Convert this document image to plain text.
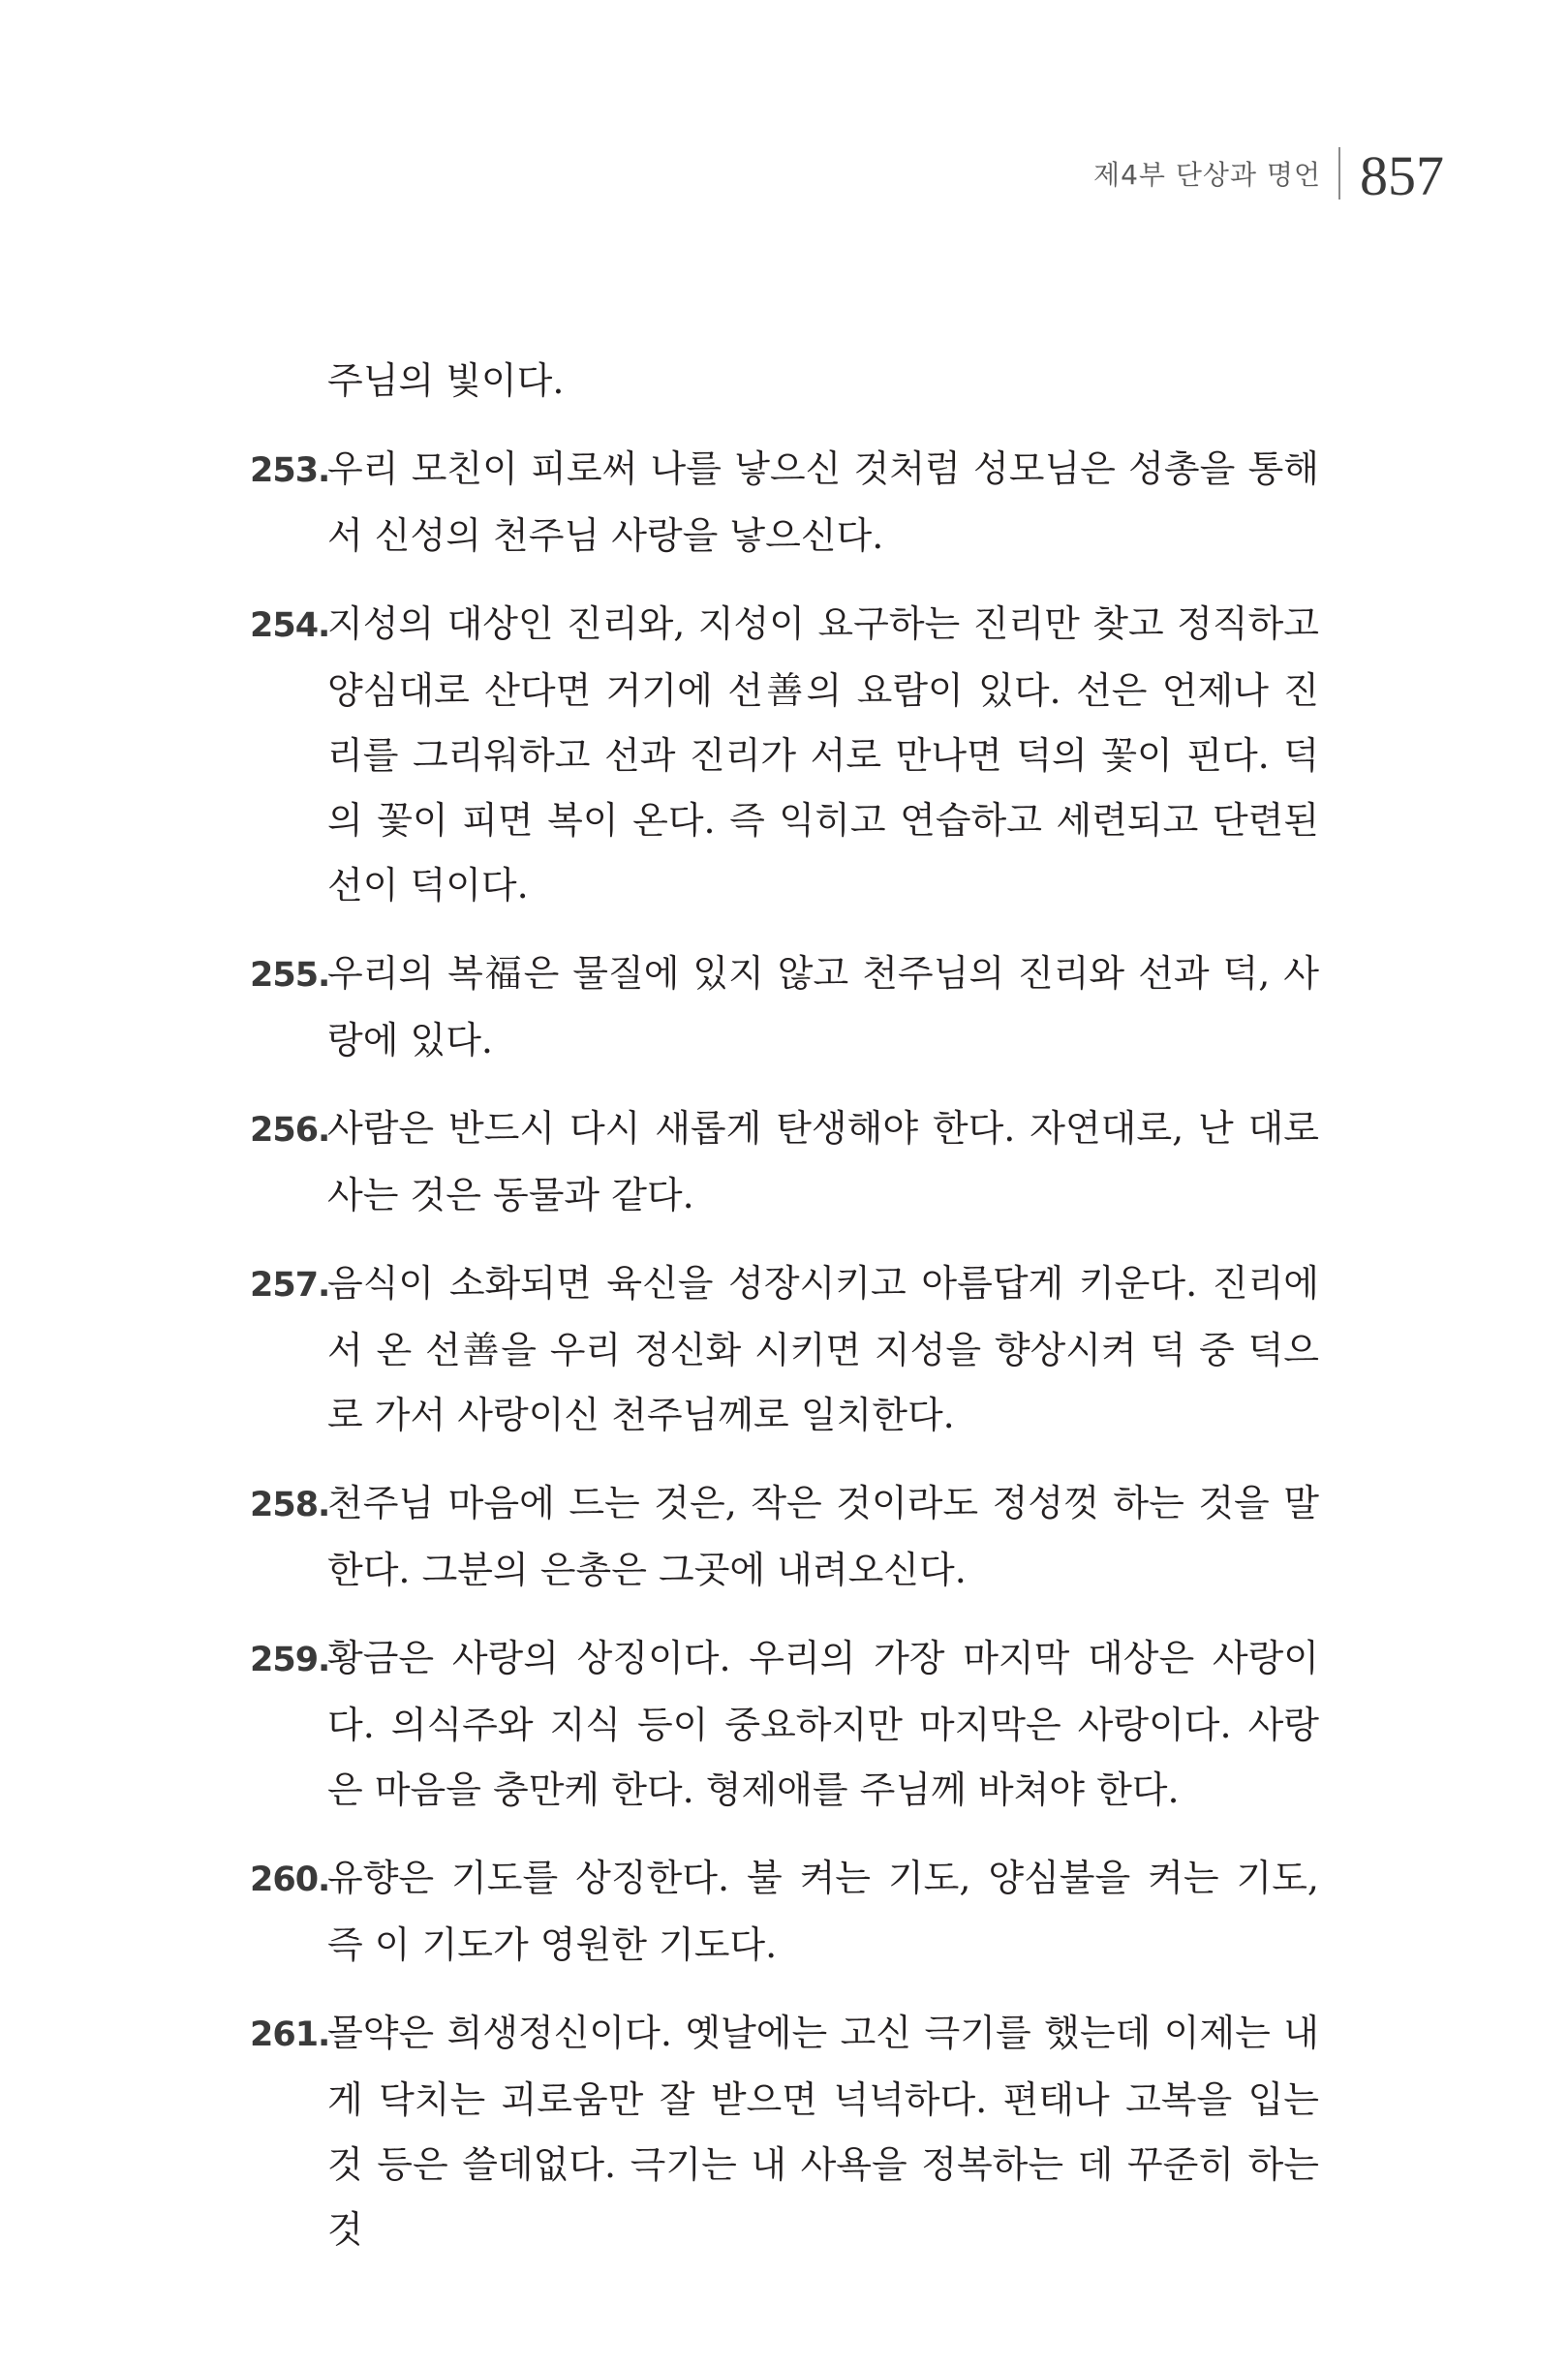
제4부 단상과 명언 857
주님의 빛이다.
253.우리 모친이 피로써 나를 낳으신 것처럼 성모님은 성총을 통해서 신성의 천주님 사랑을 낳으신다.
254.지성의 대상인 진리와, 지성이 요구하는 진리만 찾고 정직하고 양심대로 산다면 거기에 선善의 요람이 있다. 선은 언제나 진리를 그리워하고 선과 진리가 서로 만나면 덕의 꽃이 핀다. 덕의 꽃이 피면 복이 온다. 즉 익히고 연습하고 세련되고 단련된 선이 덕이다.
255.우리의 복福은 물질에 있지 않고 천주님의 진리와 선과 덕, 사랑에 있다.
256.사람은 반드시 다시 새롭게 탄생해야 한다. 자연대로, 난 대로 사는 것은 동물과 같다.
257.음식이 소화되면 육신을 성장시키고 아름답게 키운다. 진리에서 온 선善을 우리 정신화 시키면 지성을 향상시켜 덕 중 덕으로 가서 사랑이신 천주님께로 일치한다.
258.천주님 마음에 드는 것은, 작은 것이라도 정성껏 하는 것을 말한다. 그분의 은총은 그곳에 내려오신다.
259.황금은 사랑의 상징이다. 우리의 가장 마지막 대상은 사랑이다. 의식주와 지식 등이 중요하지만 마지막은 사랑이다. 사랑은 마음을 충만케 한다. 형제애를 주님께 바쳐야 한다.
260.유향은 기도를 상징한다. 불 켜는 기도, 양심불을 켜는 기도, 즉 이 기도가 영원한 기도다.
261.몰약은 희생정신이다. 옛날에는 고신 극기를 했는데 이제는 내게 닥치는 괴로움만 잘 받으면 넉넉하다. 편태나 고복을 입는 것 등은 쓸데없다. 극기는 내 사욕을 정복하는 데 꾸준히 하는 것
